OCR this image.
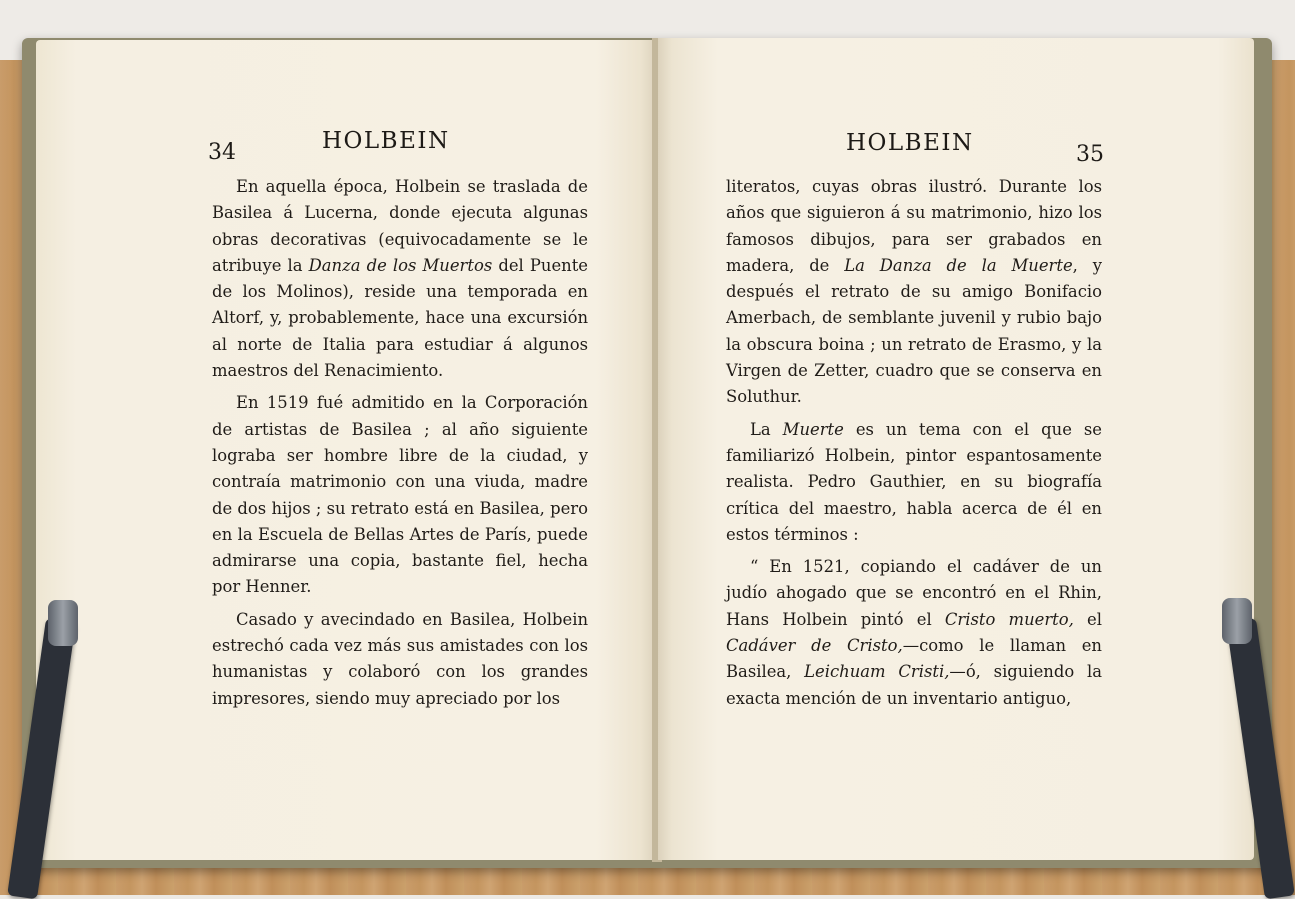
34	HOLBEIN

En aquella época, Holbein se traslada de Basilea á Lucerna, donde ejecuta algunas obras decorativas (equivocadamente se le atribuye la Danza de los Muertos del Puente de los Molinos), reside una temporada en Altorf, y, probablemente, hace una excursión al norte de Italia para estudiar á algunos maestros del Renacimiento.

En 1519 fué admitido en la Corporación de artistas de Basilea ; al año siguiente lograba ser hombre libre de la ciudad, y contraía matrimonio con una viuda, madre de dos hijos ; su retrato está en Basilea, pero en la Escuela de Bellas Artes de París, puede admirarse una copia, bastante fiel, hecha por Henner.

Casado y avecindado en Basilea, Holbein estrechó cada vez más sus amistades con los humanistas y colaboró con los grandes impresores, siendo muy apreciado por los

HOLBEIN	35

literatos, cuyas obras ilustró. Durante los años que siguieron á su matrimonio, hizo los famosos dibujos, para ser grabados en madera, de La Danza de la Muerte, y después el retrato de su amigo Bonifacio Amerbach, de semblante juvenil y rubio bajo la obscura boina ; un retrato de Erasmo, y la Virgen de Zetter, cuadro que se conserva en Soluthur.

La Muerte es un tema con el que se familiarizó Holbein, pintor espantosamente realista. Pedro Gauthier, en su biografía crítica del maestro, habla acerca de él en estos términos :

“ En 1521, copiando el cadáver de un judío ahogado que se encontró en el Rhin, Hans Holbein pintó el Cristo muerto, el Cadáver de Cristo,—como le llaman en Basilea, Leichuam Cristi,—ó, siguiendo la exacta mención de un inventario antiguo,
